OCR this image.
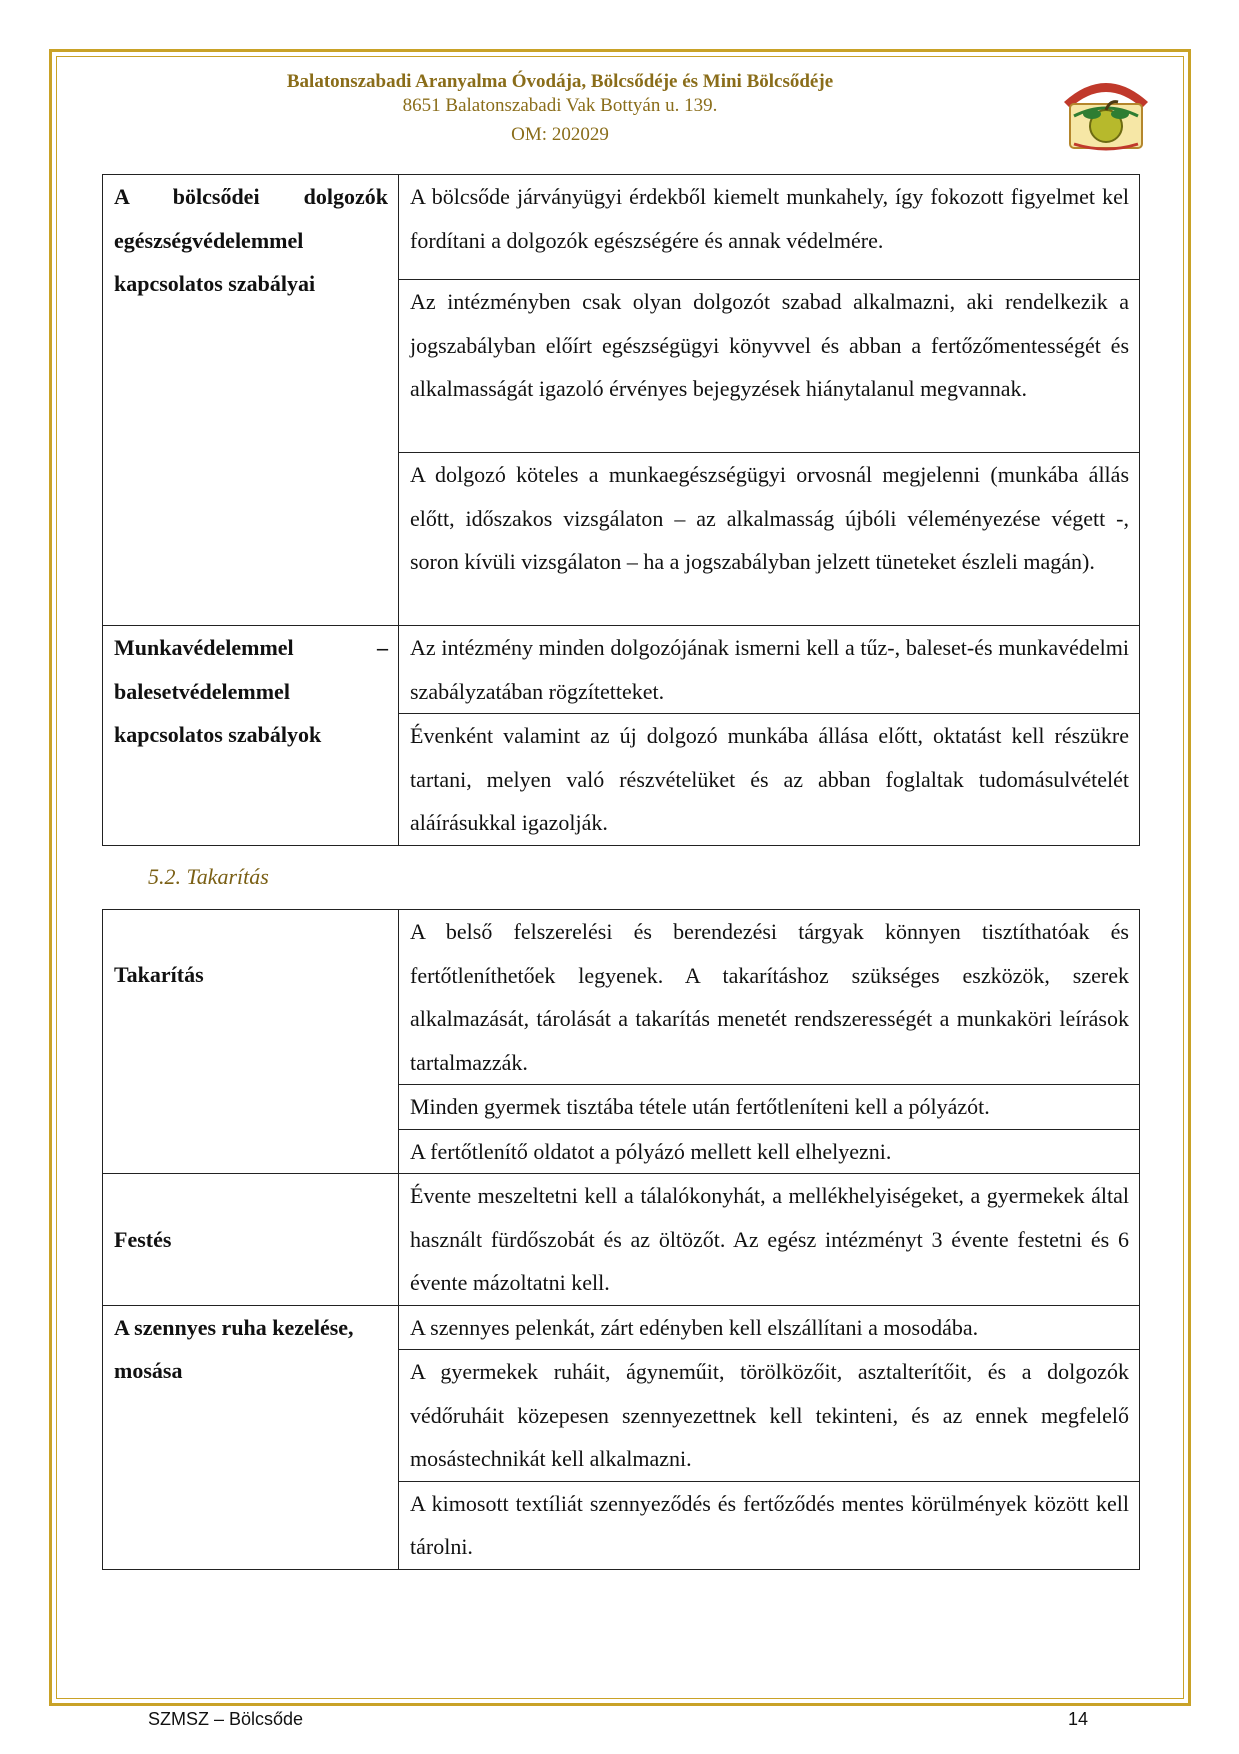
Balatonszabadi Aranyalma Óvodája, Bölcsődéje és Mini Bölcsődéje
8651 Balatonszabadi Vak Bottyán u. 139.
OM: 202029
A bölcsődei dolgozók egészségvédelemmel kapcsolatos szabályai	A bölcsőde járványügyi érdekből kiemelt munkahely, így fokozott figyelmet kel fordítani a dolgozók egészségére és annak védelmére.
	Az intézményben csak olyan dolgozót szabad alkalmazni, aki rendelkezik a jogszabályban előírt egészségügyi könyvvel és abban a fertőzőmentességét és alkalmasságát igazoló érvényes bejegyzések hiánytalanul megvannak.
	A dolgozó köteles a munkaegészségügyi orvosnál megjelenni (munkába állás előtt, időszakos vizsgálaton – az alkalmasság újbóli véleményezése végett -, soron kívüli vizsgálaton – ha a jogszabályban jelzett tüneteket észleli magán).
Munkavédelemmel – balesetvédelemmel kapcsolatos szabályok	Az intézmény minden dolgozójának ismerni kell a tűz-, baleset-és munkavédelmi szabályzatában rögzítetteket.
	Évenként valamint az új dolgozó munkába állása előtt, oktatást kell részükre tartani, melyen való részvételüket és az abban foglaltak tudomásulvételét aláírásukkal igazolják.
5.2. Takarítás
Takarítás	A belső felszerelési és berendezési tárgyak könnyen tisztíthatóak és fertőtleníthetőek legyenek. A takarításhoz szükséges eszközök, szerek alkalmazását, tárolását a takarítás menetét rendszerességét a munkaköri leírások tartalmazzák.
	Minden gyermek tisztába tétele után fertőtleníteni kell a pólyázót.
	A fertőtlenítő oldatot a pólyázó mellett kell elhelyezni.
Festés	Évente meszeltetni kell a tálalókonyhát, a mellékhelyiségeket, a gyermekek által használt fürdőszobát és az öltözőt. Az egész intézményt 3 évente festetni és 6 évente mázoltatni kell.
A szennyes ruha kezelése, mosása	A szennyes pelenkát, zárt edényben kell elszállítani a mosodába.
	A gyermekek ruháit, ágyneműit, törölközőit, asztalterítőit, és a dolgozók védőruháit közepesen szennyezettnek kell tekinteni, és az ennek megfelelő mosástechnikát kell alkalmazni.
	A kimosott textíliát szennyeződés és fertőződés mentes körülmények között kell tárolni.
SZMSZ – Bölcsőde	14
